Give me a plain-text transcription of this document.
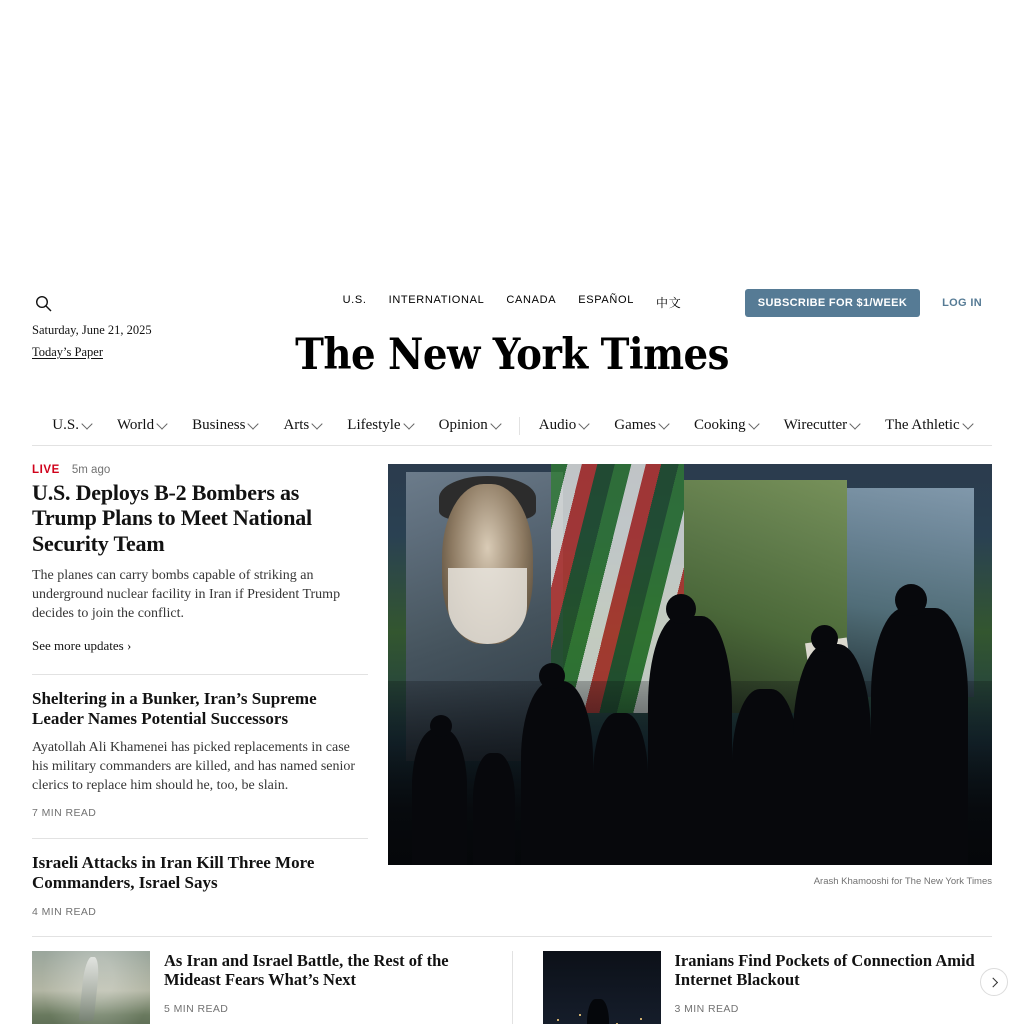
U.S. INTERNATIONAL CANADA ESPAÑOL 中文	SUBSCRIBE FOR $1/WEEK	LOG IN
Saturday, June 21, 2025
Today’s Paper	The New York Times
U.S.	World	Business	Arts	Lifestyle	Opinion	Audio	Games	Cooking	Wirecutter	The Athletic
LIVE 5m ago
U.S. Deploys B-2 Bombers as Trump Plans to Meet National Security Team

The planes can carry bombs capable of striking an underground nuclear facility in Iran if President Trump decides to join the conflict.

See more updates ›
Sheltering in a Bunker, Iran’s Supreme Leader Names Potential Successors

Ayatollah Ali Khamenei has picked replacements in case his military commanders are killed, and has named senior clerics to replace him should he, too, be slain.

7 MIN READ
Israeli Attacks in Iran Kill Three More Commanders, Israel Says
4 MIN READ
Arash Khamooshi for The New York Times
As Iran and Israel Battle, the Rest of the Mideast Fears What’s Next
5 MIN READ
Iranians Find Pockets of Connection Amid Internet Blackout
3 MIN READ
